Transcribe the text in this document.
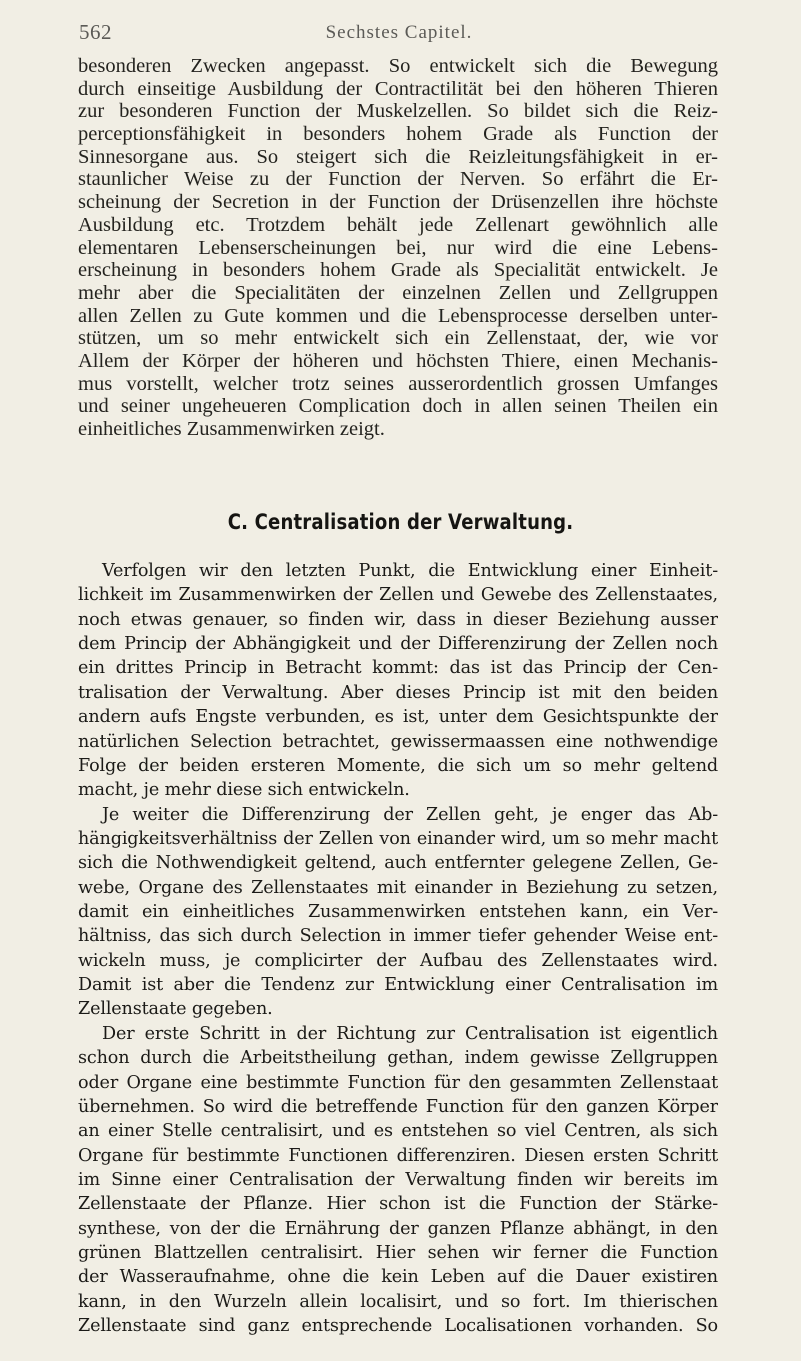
562	Sechstes Capitel.
besonderen Zwecken angepasst. So entwickelt sich die Bewegung
durch einseitige Ausbildung der Contractilität bei den höheren Thieren
zur besonderen Function der Muskelzellen. So bildet sich die Reiz-
perceptionsfähigkeit in besonders hohem Grade als Function der
Sinnesorgane aus. So steigert sich die Reizleitungsfähigkeit in er-
staunlicher Weise zu der Function der Nerven. So erfährt die Er-
scheinung der Secretion in der Function der Drüsenzellen ihre höchste
Ausbildung etc. Trotzdem behält jede Zellenart gewöhnlich alle
elementaren Lebenserscheinungen bei, nur wird die eine Lebens-
erscheinung in besonders hohem Grade als Specialität entwickelt. Je
mehr aber die Specialitäten der einzelnen Zellen und Zellgruppen
allen Zellen zu Gute kommen und die Lebensprocesse derselben unter-
stützen, um so mehr entwickelt sich ein Zellenstaat, der, wie vor
Allem der Körper der höheren und höchsten Thiere, einen Mechanis-
mus vorstellt, welcher trotz seines ausserordentlich grossen Umfanges
und seiner ungeheueren Complication doch in allen seinen Theilen ein
einheitliches Zusammenwirken zeigt.
C. Centralisation der Verwaltung.
Verfolgen wir den letzten Punkt, die Entwicklung einer Einheit-
lichkeit im Zusammenwirken der Zellen und Gewebe des Zellenstaates,
noch etwas genauer, so finden wir, dass in dieser Beziehung ausser
dem Princip der Abhängigkeit und der Differenzirung der Zellen noch
ein drittes Princip in Betracht kommt: das ist das Princip der Cen-
tralisation der Verwaltung. Aber dieses Princip ist mit den beiden
andern aufs Engste verbunden, es ist, unter dem Gesichtspunkte der
natürlichen Selection betrachtet, gewissermaassen eine nothwendige
Folge der beiden ersteren Momente, die sich um so mehr geltend
macht, je mehr diese sich entwickeln.
Je weiter die Differenzirung der Zellen geht, je enger das Ab-
hängigkeitsverhältniss der Zellen von einander wird, um so mehr macht
sich die Nothwendigkeit geltend, auch entfernter gelegene Zellen, Ge-
webe, Organe des Zellenstaates mit einander in Beziehung zu setzen,
damit ein einheitliches Zusammenwirken entstehen kann, ein Ver-
hältniss, das sich durch Selection in immer tiefer gehender Weise ent-
wickeln muss, je complicirter der Aufbau des Zellenstaates wird.
Damit ist aber die Tendenz zur Entwicklung einer Centralisation im
Zellenstaate gegeben.
Der erste Schritt in der Richtung zur Centralisation ist eigentlich
schon durch die Arbeitstheilung gethan, indem gewisse Zellgruppen
oder Organe eine bestimmte Function für den gesammten Zellenstaat
übernehmen. So wird die betreffende Function für den ganzen Körper
an einer Stelle centralisirt, und es entstehen so viel Centren, als sich
Organe für bestimmte Functionen differenziren. Diesen ersten Schritt
im Sinne einer Centralisation der Verwaltung finden wir bereits im
Zellenstaate der Pflanze. Hier schon ist die Function der Stärke-
synthese, von der die Ernährung der ganzen Pflanze abhängt, in den
grünen Blattzellen centralisirt. Hier sehen wir ferner die Function
der Wasseraufnahme, ohne die kein Leben auf die Dauer existiren
kann, in den Wurzeln allein localisirt, und so fort. Im thierischen
Zellenstaate sind ganz entsprechende Localisationen vorhanden. So
